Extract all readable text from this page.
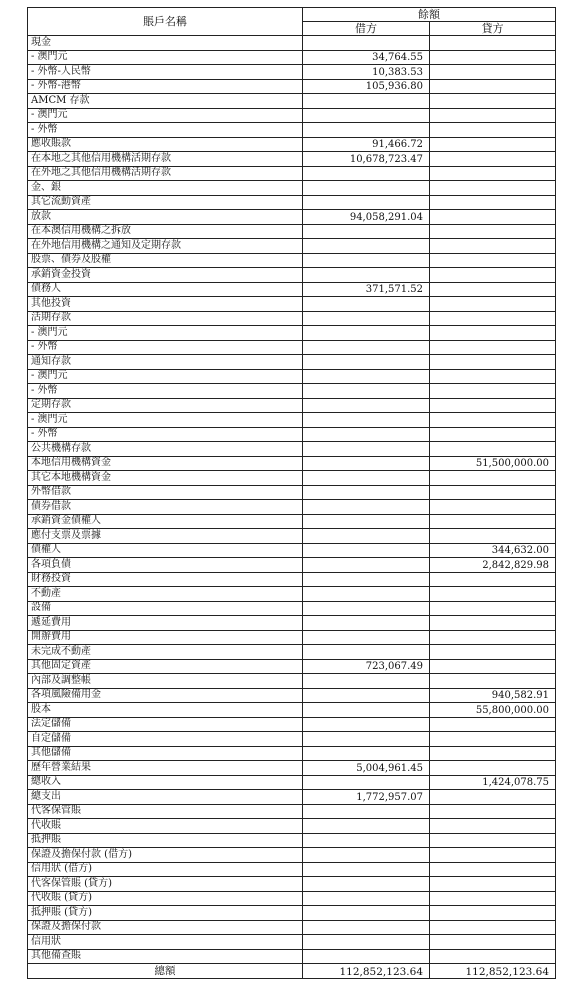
賬戶名稱	餘額	
	借方	貸方
現金		
- 澳門元	34,764.55	
- 外幣-人民幣	10,383.53	
- 外幣-港幣	105,936.80	
AMCM 存款		
- 澳門元		
- 外幣		
應收賬款	91,466.72	
在本地之其他信用機構活期存款	10,678,723.47	
在外地之其他信用機構活期存款		
金、銀		
其它流動資產		
放款	94,058,291.04	
在本澳信用機構之拆放		
在外地信用機構之通知及定期存款		
股票、債券及股權		
承銷資金投資		
債務人	371,571.52	
其他投資		
活期存款		
- 澳門元		
- 外幣		
通知存款		
- 澳門元		
- 外幣		
定期存款		
- 澳門元		
- 外幣		
公共機構存款		
本地信用機構資金		51,500,000.00
其它本地機構資金		
外幣借款		
債券借款		
承銷資金債權人		
應付支票及票據		
債權人		344,632.00
各項負債		2,842,829.98
財務投資		
不動產		
設備		
遞延費用		
開辦費用		
未完成不動產		
其他固定資產	723,067.49	
內部及調整帳		
各項風險備用金		940,582.91
股本		55,800,000.00
法定儲備		
自定儲備		
其他儲備		
歷年營業結果	5,004,961.45	
總收入		1,424,078.75
總支出	1,772,957.07	
代客保管賬		
代收賬		
抵押賬		
保證及擔保付款 (借方)		
信用狀 (借方)		
代客保管賬 (貸方)		
代收賬 (貸方)		
抵押賬 (貸方)		
保證及擔保付款		
信用狀		
其他備查賬		
總額	112,852,123.64	112,852,123.64
